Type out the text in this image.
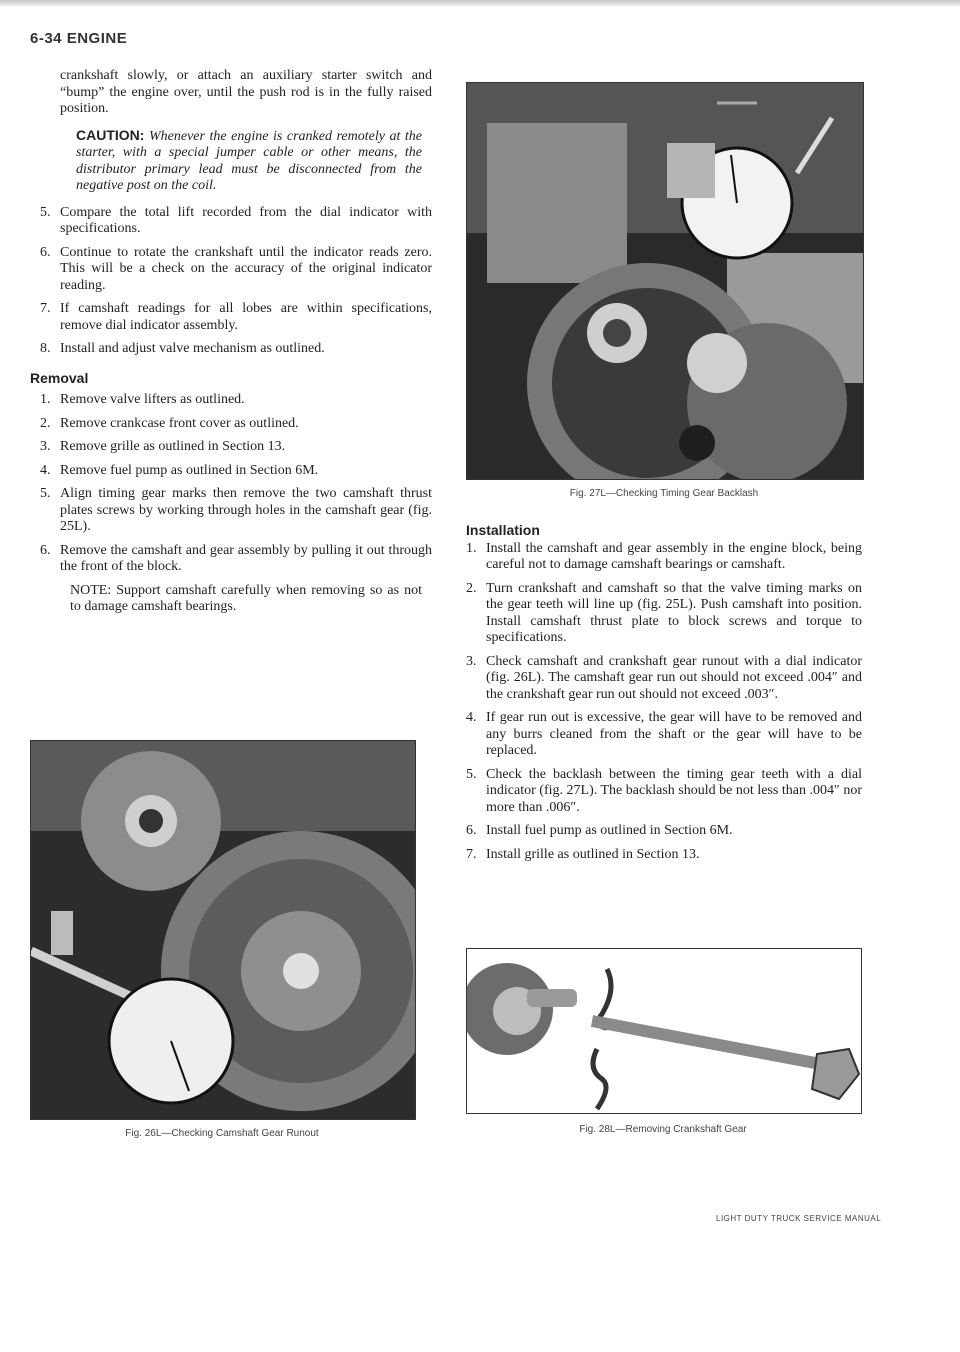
6-34 ENGINE

crankshaft slowly, or attach an auxiliary starter switch and “bump” the engine over, until the push rod is in the fully raised position.

CAUTION: Whenever the engine is cranked remotely at the starter, with a special jumper cable or other means, the distributor primary lead must be disconnected from the negative post on the coil.

5. Compare the total lift recorded from the dial indicator with specifications.
6. Continue to rotate the crankshaft until the indicator reads zero. This will be a check on the accuracy of the original indicator reading.
7. If camshaft readings for all lobes are within specifications, remove dial indicator assembly.
8. Install and adjust valve mechanism as outlined.
Removal
1. Remove valve lifters as outlined.
2. Remove crankcase front cover as outlined.
3. Remove grille as outlined in Section 13.
4. Remove fuel pump as outlined in Section 6M.
5. Align timing gear marks then remove the two camshaft thrust plates screws by working through holes in the camshaft gear (fig. 25L).
6. Remove the camshaft and gear assembly by pulling it out through the front of the block.

NOTE: Support camshaft carefully when removing so as not to damage camshaft bearings.

Fig. 27L—Checking Timing Gear Backlash
Installation
1. Install the camshaft and gear assembly in the engine block, being careful not to damage camshaft bearings or camshaft.
2. Turn crankshaft and camshaft so that the valve timing marks on the gear teeth will line up (fig. 25L). Push camshaft into position. Install camshaft thrust plate to block screws and torque to specifications.
3. Check camshaft and crankshaft gear runout with a dial indicator (fig. 26L). The camshaft gear run out should not exceed .004″ and the crankshaft gear run out should not exceed .003″.
4. If gear run out is excessive, the gear will have to be removed and any burrs cleaned from the shaft or the gear will have to be replaced.
5. Check the backlash between the timing gear teeth with a dial indicator (fig. 27L). The backlash should be not less than .004″ nor more than .006″.
6. Install fuel pump as outlined in Section 6M.
7. Install grille as outlined in Section 13.
Fig. 26L—Checking Camshaft Gear Runout	Fig. 28L—Removing Crankshaft Gear
LIGHT DUTY TRUCK SERVICE MANUAL
